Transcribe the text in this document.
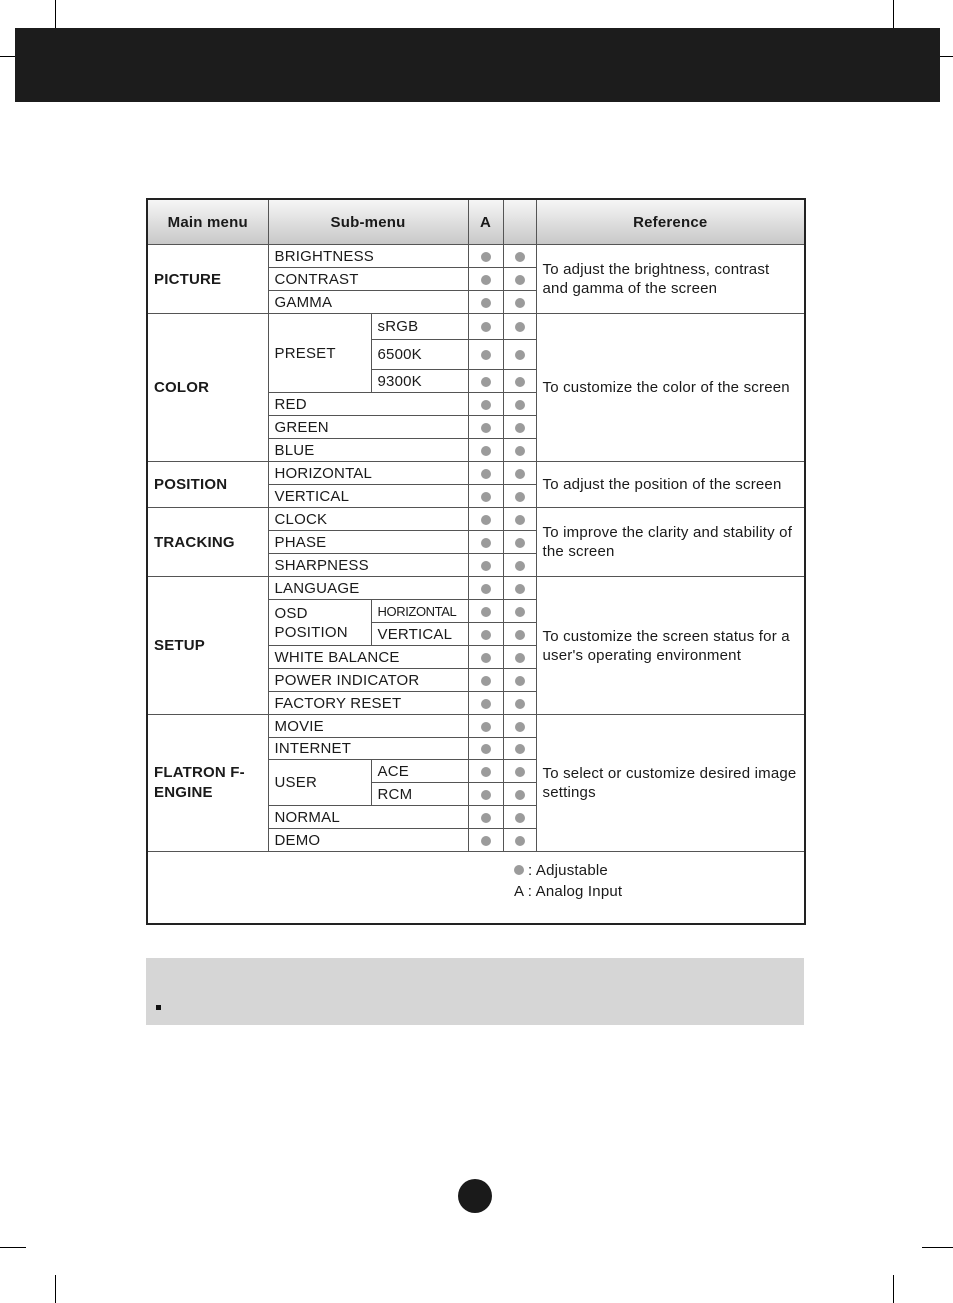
Main menu	Sub-menu		A		Reference
PICTURE	BRIGHTNESS				To adjust the brightness, contrast and gamma of the screen
	CONTRAST				
	GAMMA				
COLOR	PRESET	sRGB			To customize the color of the screen
		6500K			
		9300K			
	RED				
	GREEN				
	BLUE				
POSITION	HORIZONTAL				To adjust the position of the screen
	VERTICAL				
TRACKING	CLOCK				To improve the clarity and stability of the screen
	PHASE				
	SHARPNESS				
SETUP	LANGUAGE				To customize the screen status for a user's operating environment
	OSD POSITION	HORIZONTAL			
		VERTICAL			
	WHITE BALANCE				
	POWER INDICATOR				
	FACTORY RESET				
FLATRON F-ENGINE	MOVIE				To select or customize desired image settings
	INTERNET				
	USER	ACE			
		RCM			
	NORMAL				
	DEMO				

: Adjustable
A : Analog Input					
